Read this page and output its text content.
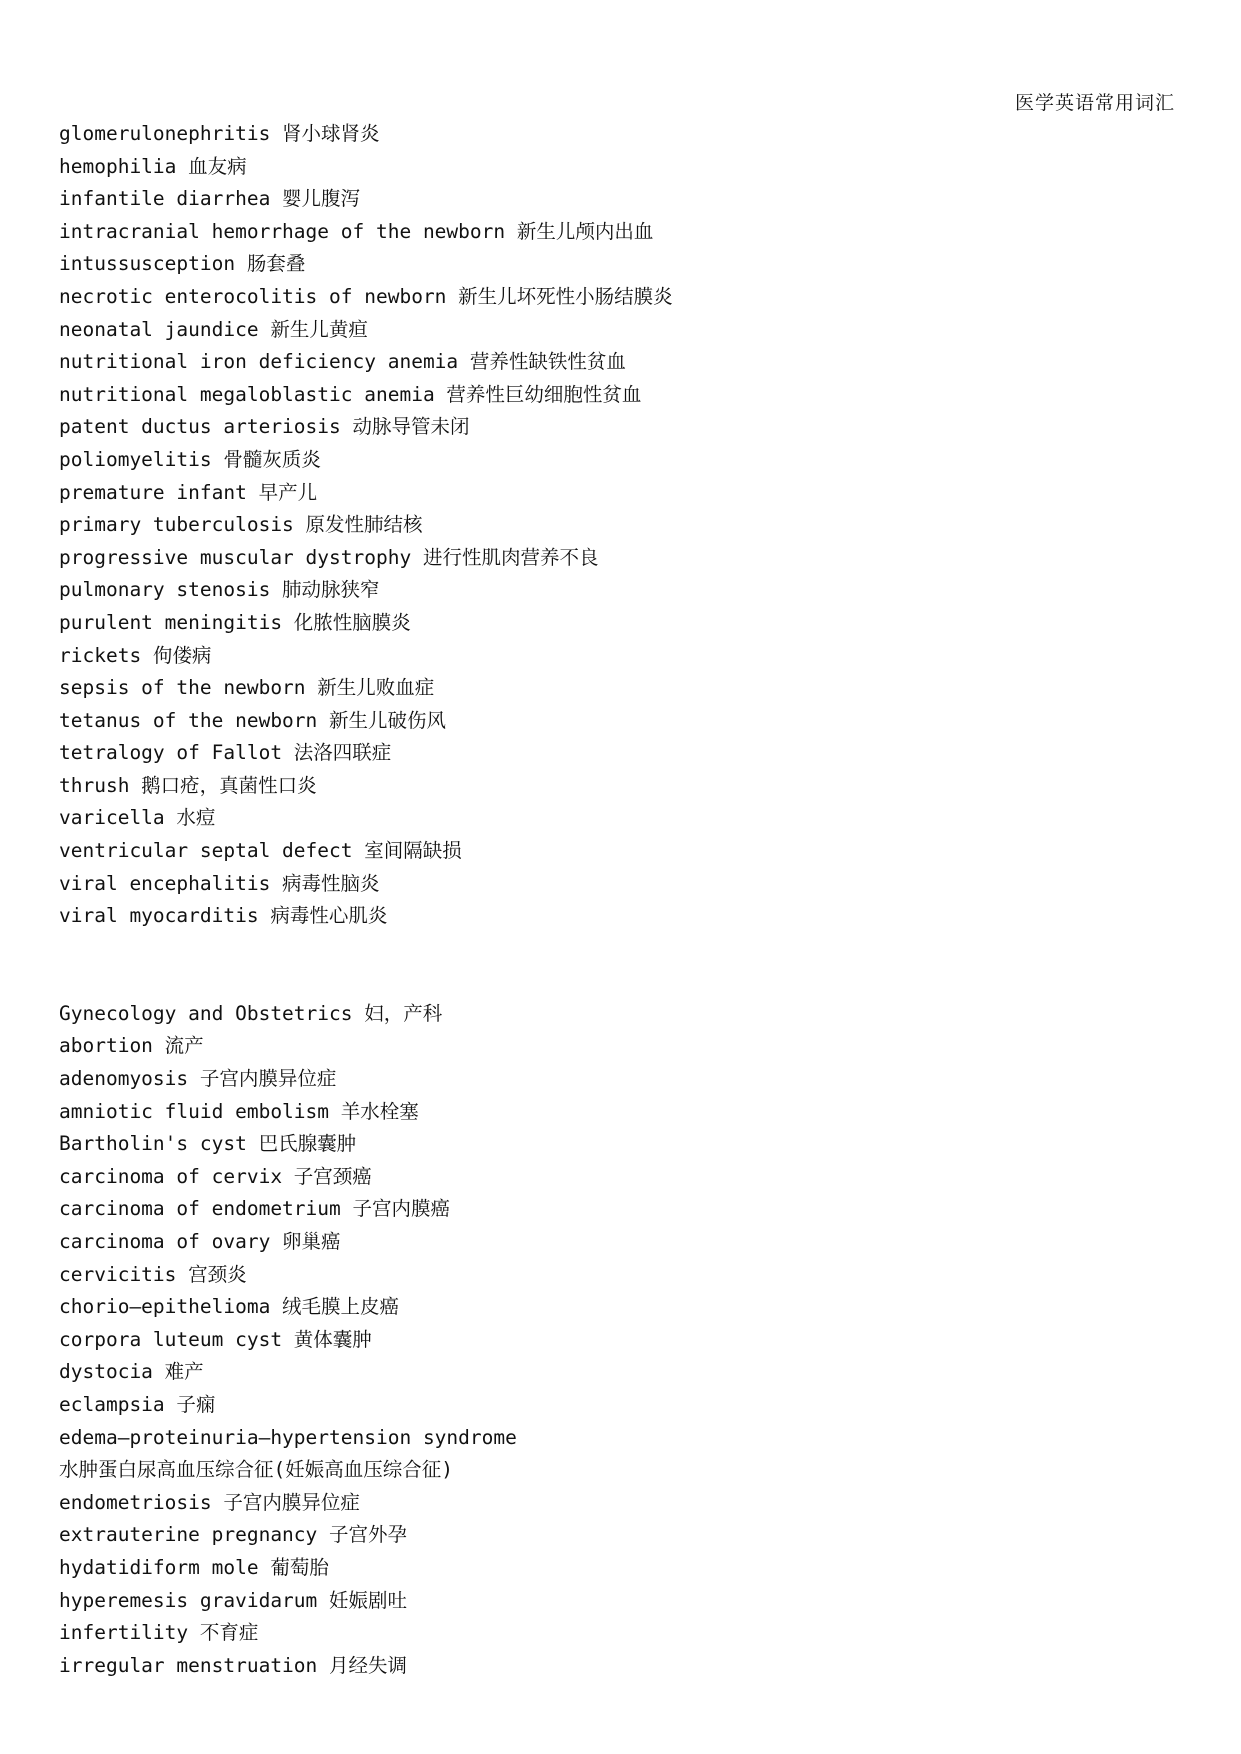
医学英语常用词汇
glomerulonephritis 肾小球肾炎
hemophilia 血友病
infantile diarrhea 婴儿腹泻
intracranial hemorrhage of the newborn 新生儿颅内出血
intussusception 肠套叠
necrotic enterocolitis of newborn 新生儿坏死性小肠结膜炎
neonatal jaundice 新生儿黄疸
nutritional iron deficiency anemia 营养性缺铁性贫血
nutritional megaloblastic anemia 营养性巨幼细胞性贫血
patent ductus arteriosis 动脉导管未闭
poliomyelitis 骨髓灰质炎
premature infant 早产儿
primary tuberculosis 原发性肺结核
progressive muscular dystrophy 进行性肌肉营养不良
pulmonary stenosis 肺动脉狭窄
purulent meningitis 化脓性脑膜炎
rickets 佝偻病
sepsis of the newborn 新生儿败血症
tetanus of the newborn 新生儿破伤风
tetralogy of Fallot 法洛四联症
thrush 鹅口疮，真菌性口炎
varicella 水痘
ventricular septal defect 室间隔缺损
viral encephalitis 病毒性脑炎
viral myocarditis 病毒性心肌炎
Gynecology and Obstetrics 妇，产科
abortion 流产
adenomyosis 子宫内膜异位症
amniotic fluid embolism 羊水栓塞
Bartholin's cyst 巴氏腺囊肿
carcinoma of cervix 子宫颈癌
carcinoma of endometrium 子宫内膜癌
carcinoma of ovary 卵巢癌
cervicitis 宫颈炎
chorio—epithelioma 绒毛膜上皮癌
corpora luteum cyst 黄体囊肿
dystocia 难产
eclampsia 子痫
edema—proteinuria—hypertension syndrome
水肿蛋白尿高血压综合征(妊娠高血压综合征)
endometriosis 子宫内膜异位症
extrauterine pregnancy 子宫外孕
hydatidiform mole 葡萄胎
hyperemesis gravidarum 妊娠剧吐
infertility 不育症
irregular menstruation 月经失调
